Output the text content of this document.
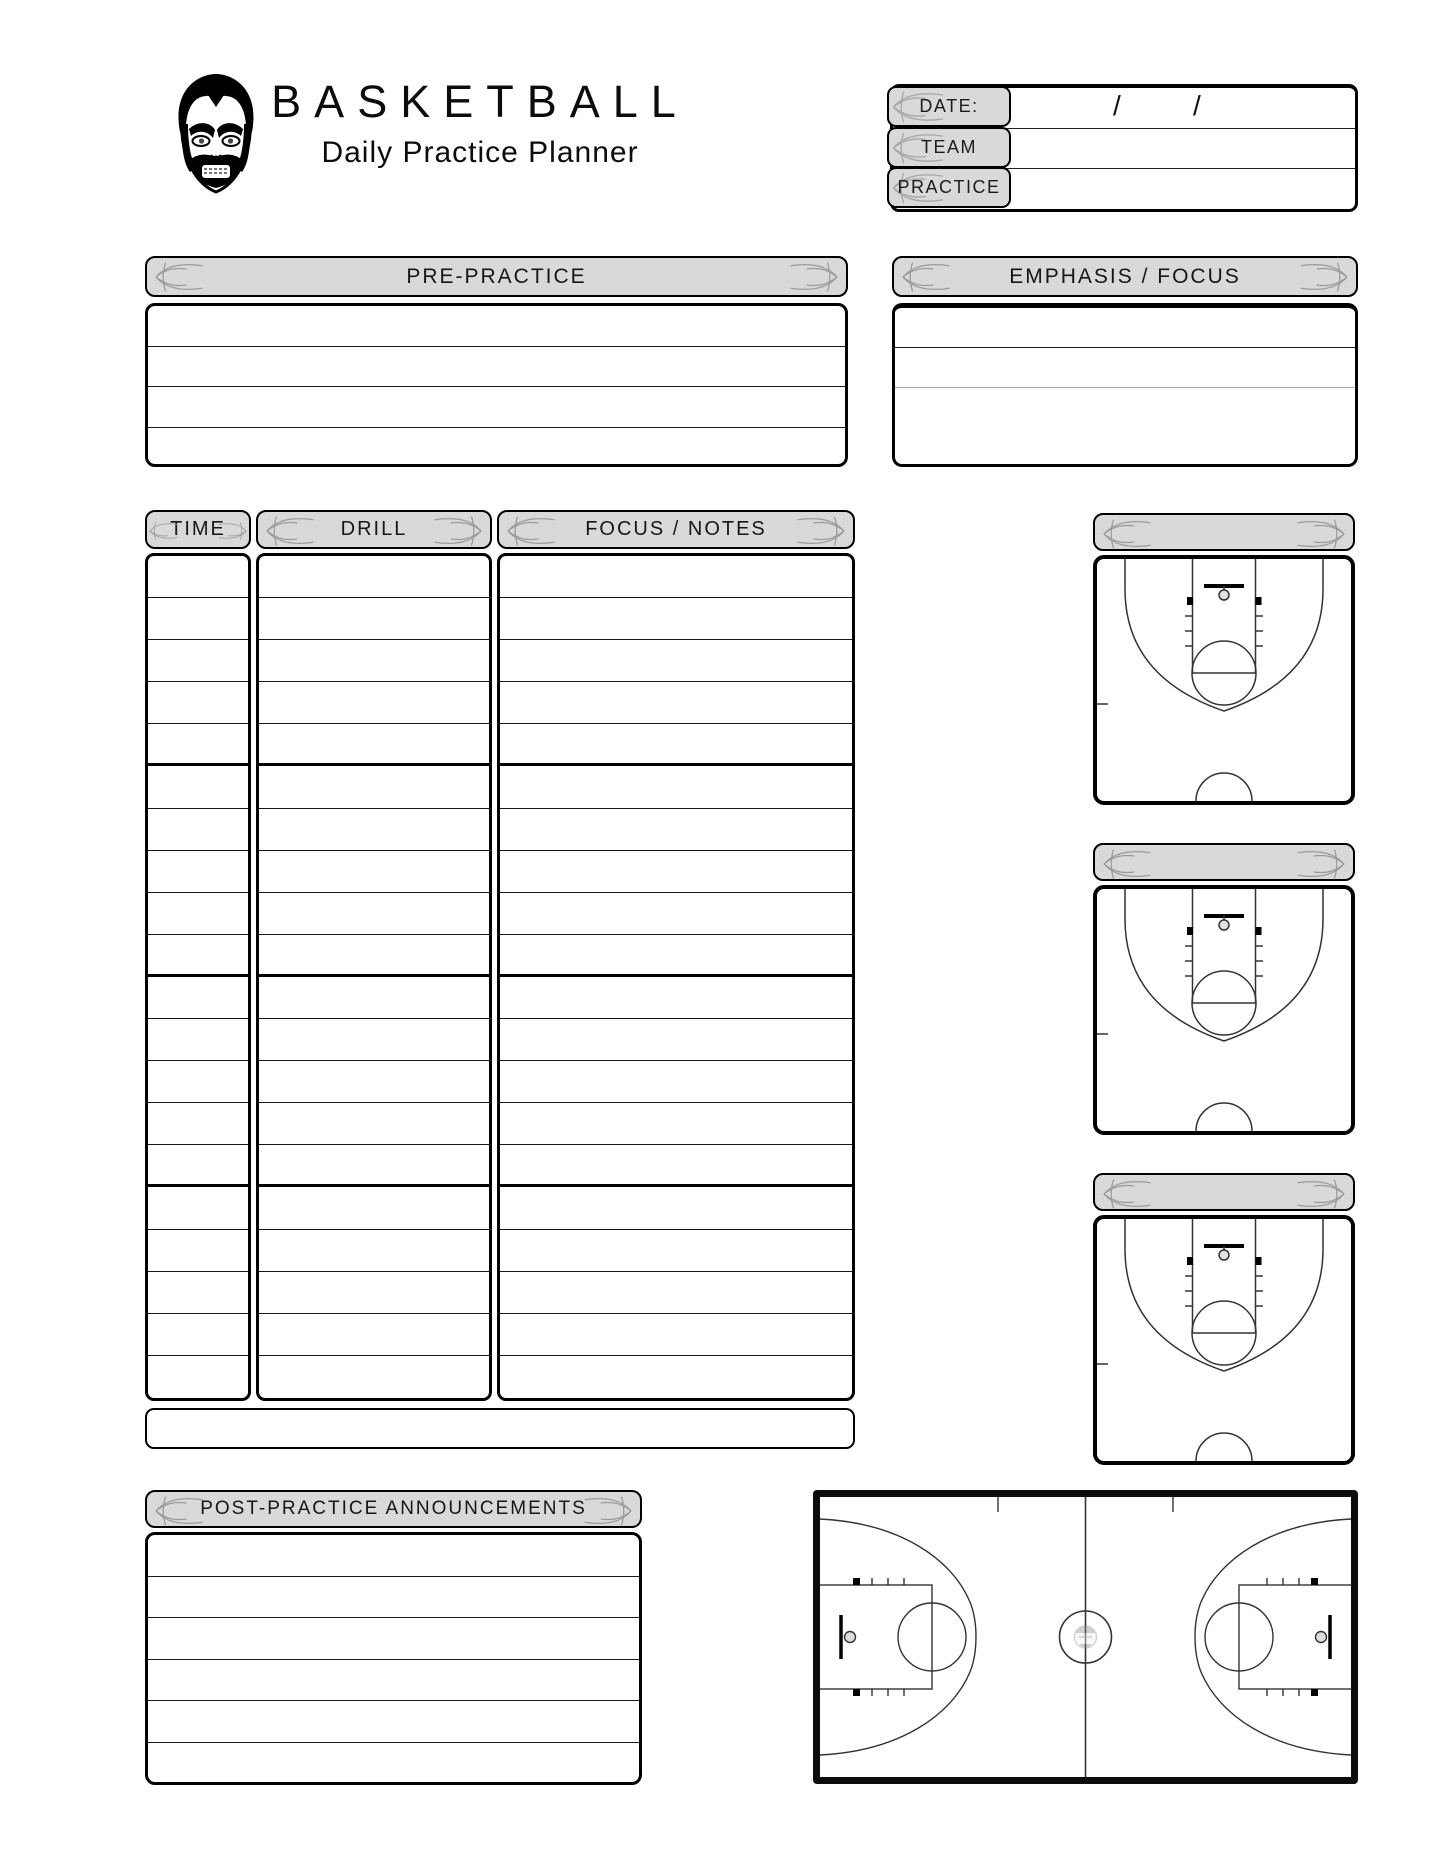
BASKETBALL
Daily Practice Planner
DATE:	/	/
TEAM
PRACTICE
PRE-PRACTICE	EMPHASIS / FOCUS
TIME	DRILL	FOCUS / NOTES
POST-PRACTICE ANNOUNCEMENTS
